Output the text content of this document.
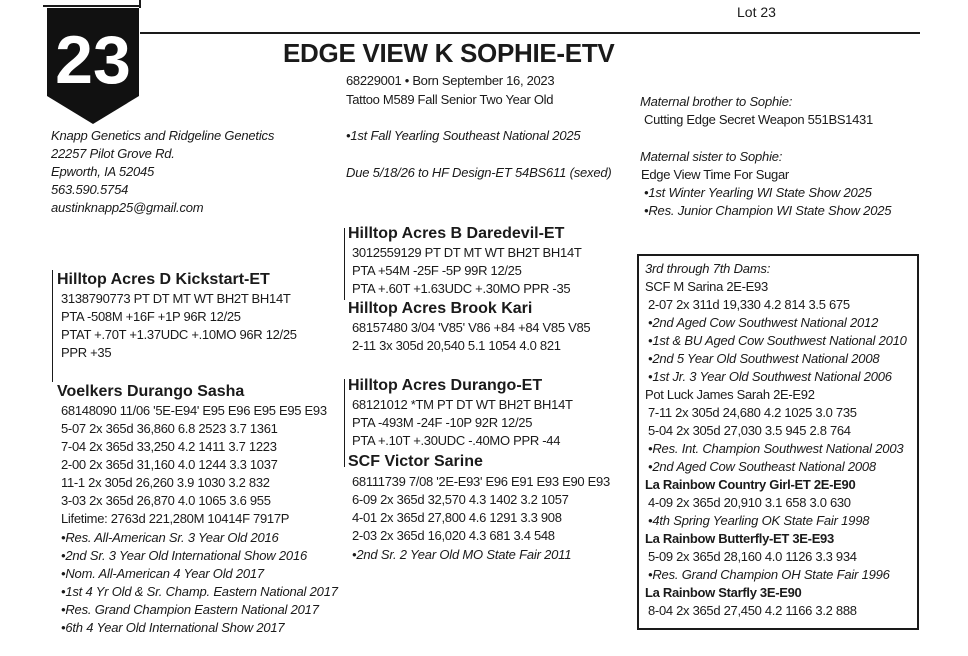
23
Lot 23
EDGE VIEW K SOPHIE-ETV
68229001 • Born September 16, 2023
Tattoo M589 Fall Senior Two Year Old
•1st Fall Yearling Southeast National 2025
Due 5/18/26 to HF Design-ET 54BS611 (sexed)
Knapp Genetics and Ridgeline Genetics
22257 Pilot Grove Rd.
Epworth, IA 52045
563.590.5754
austinknapp25@gmail.com
Maternal brother to Sophie:
Cutting Edge Secret Weapon 551BS1431
Maternal sister to Sophie:
Edge View Time For Sugar
•1st Winter Yearling WI State Show 2025
•Res. Junior Champion WI State Show 2025
Hilltop Acres D Kickstart-ET
3138790773 PT DT MT WT BH2T BH14T
PTA -508M +16F +1P 96R 12/25
PTAT +.70T +1.37UDC +.10MO 96R 12/25
PPR +35
Voelkers Durango Sasha
68148090 11/06 '5E-E94' E95 E96 E95 E95 E93
5-07 2x 365d 36,860 6.8 2523 3.7 1361
7-04 2x 365d 33,250 4.2 1411 3.7 1223
2-00 2x 365d 31,160 4.0 1244 3.3 1037
11-1 2x 305d 26,260 3.9 1030 3.2 832
3-03 2x 365d 26,870 4.0 1065 3.6 955
Lifetime: 2763d 221,280M 10414F 7917P
•Res. All-American Sr. 3 Year Old 2016
•2nd Sr. 3 Year Old International Show 2016
•Nom. All-American 4 Year Old 2017
•1st 4 Yr Old & Sr. Champ. Eastern National 2017
•Res. Grand Champion Eastern National 2017
•6th 4 Year Old International Show 2017
Hilltop Acres B Daredevil-ET
3012559129 PT DT MT WT BH2T BH14T
PTA +54M -25F -5P 99R 12/25
PTA +.60T +1.63UDC +.30MO PPR -35
Hilltop Acres Brook Kari
68157480 3/04 'V85' V86 +84 +84 V85 V85
2-11 3x 305d 20,540 5.1 1054 4.0 821
Hilltop Acres Durango-ET
68121012 *TM PT DT WT BH2T BH14T
PTA -493M -24F -10P 92R 12/25
PTA +.10T +.30UDC -.40MO PPR -44
SCF Victor Sarine
68111739 7/08 '2E-E93' E96 E91 E93 E90 E93
6-09 2x 365d 32,570 4.3 1402 3.2 1057
4-01 2x 365d 27,800 4.6 1291 3.3 908
2-03 2x 365d 16,020 4.3 681 3.4 548
•2nd Sr. 2 Year Old MO State Fair 2011
3rd through 7th Dams:
SCF M Sarina 2E-E93
2-07 2x 311d 19,330 4.2 814 3.5 675
•2nd Aged Cow Southwest National 2012
•1st & BU Aged Cow Southwest National 2010
•2nd 5 Year Old Southwest National 2008
•1st Jr. 3 Year Old Southwest National 2006
Pot Luck James Sarah 2E-E92
7-11 2x 305d 24,680 4.2 1025 3.0 735
5-04 2x 305d 27,030 3.5 945 2.8 764
•Res. Int. Champion Southwest National 2003
•2nd Aged Cow Southeast National 2008
La Rainbow Country Girl-ET 2E-E90
4-09 2x 365d 20,910 3.1 658 3.0 630
•4th Spring Yearling OK State Fair 1998
La Rainbow Butterfly-ET 3E-E93
5-09 2x 365d 28,160 4.0 1126 3.3 934
•Res. Grand Champion OH State Fair 1996
La Rainbow Starfly 3E-E90
8-04 2x 365d 27,450 4.2 1166 3.2 888
